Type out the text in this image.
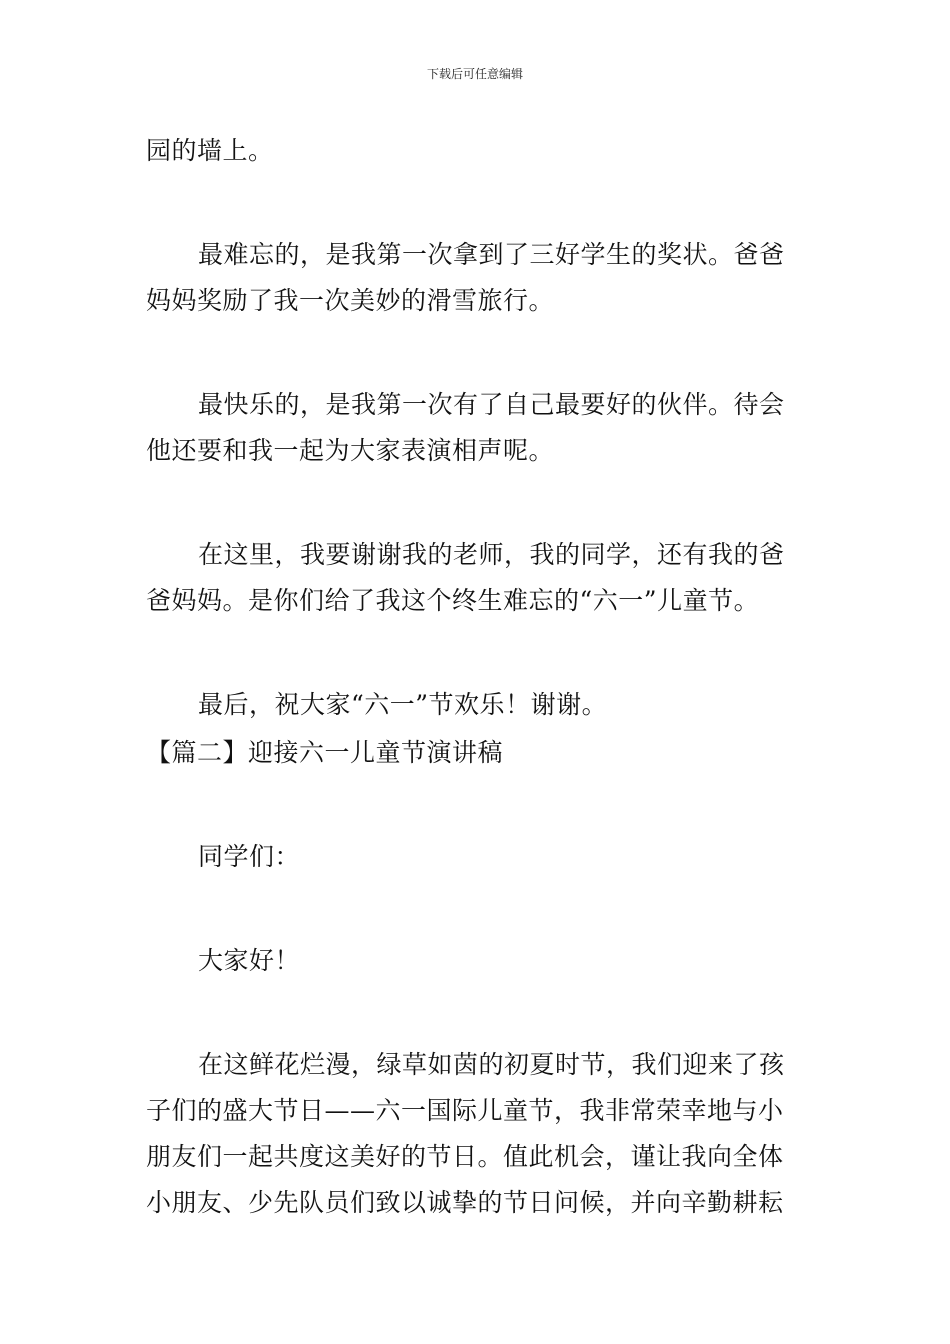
下载后可任意编辑
园的墙上。
最难忘的，是我第一次拿到了三好学生的奖状。爸爸
妈妈奖励了我一次美妙的滑雪旅行。
最快乐的，是我第一次有了自己最要好的伙伴。待会
他还要和我一起为大家表演相声呢。
在这里，我要谢谢我的老师，我的同学，还有我的爸
爸妈妈。是你们给了我这个终生难忘的“六一”儿童节。
最后，祝大家“六一”节欢乐！谢谢。
【篇二】迎接六一儿童节演讲稿
同学们：
大家好！
在这鲜花烂漫，绿草如茵的初夏时节，我们迎来了孩
子们的盛大节日——六一国际儿童节，我非常荣幸地与小
朋友们一起共度这美好的节日。值此机会，谨让我向全体
小朋友、少先队员们致以诚挚的节日问候，并向辛勤耕耘
